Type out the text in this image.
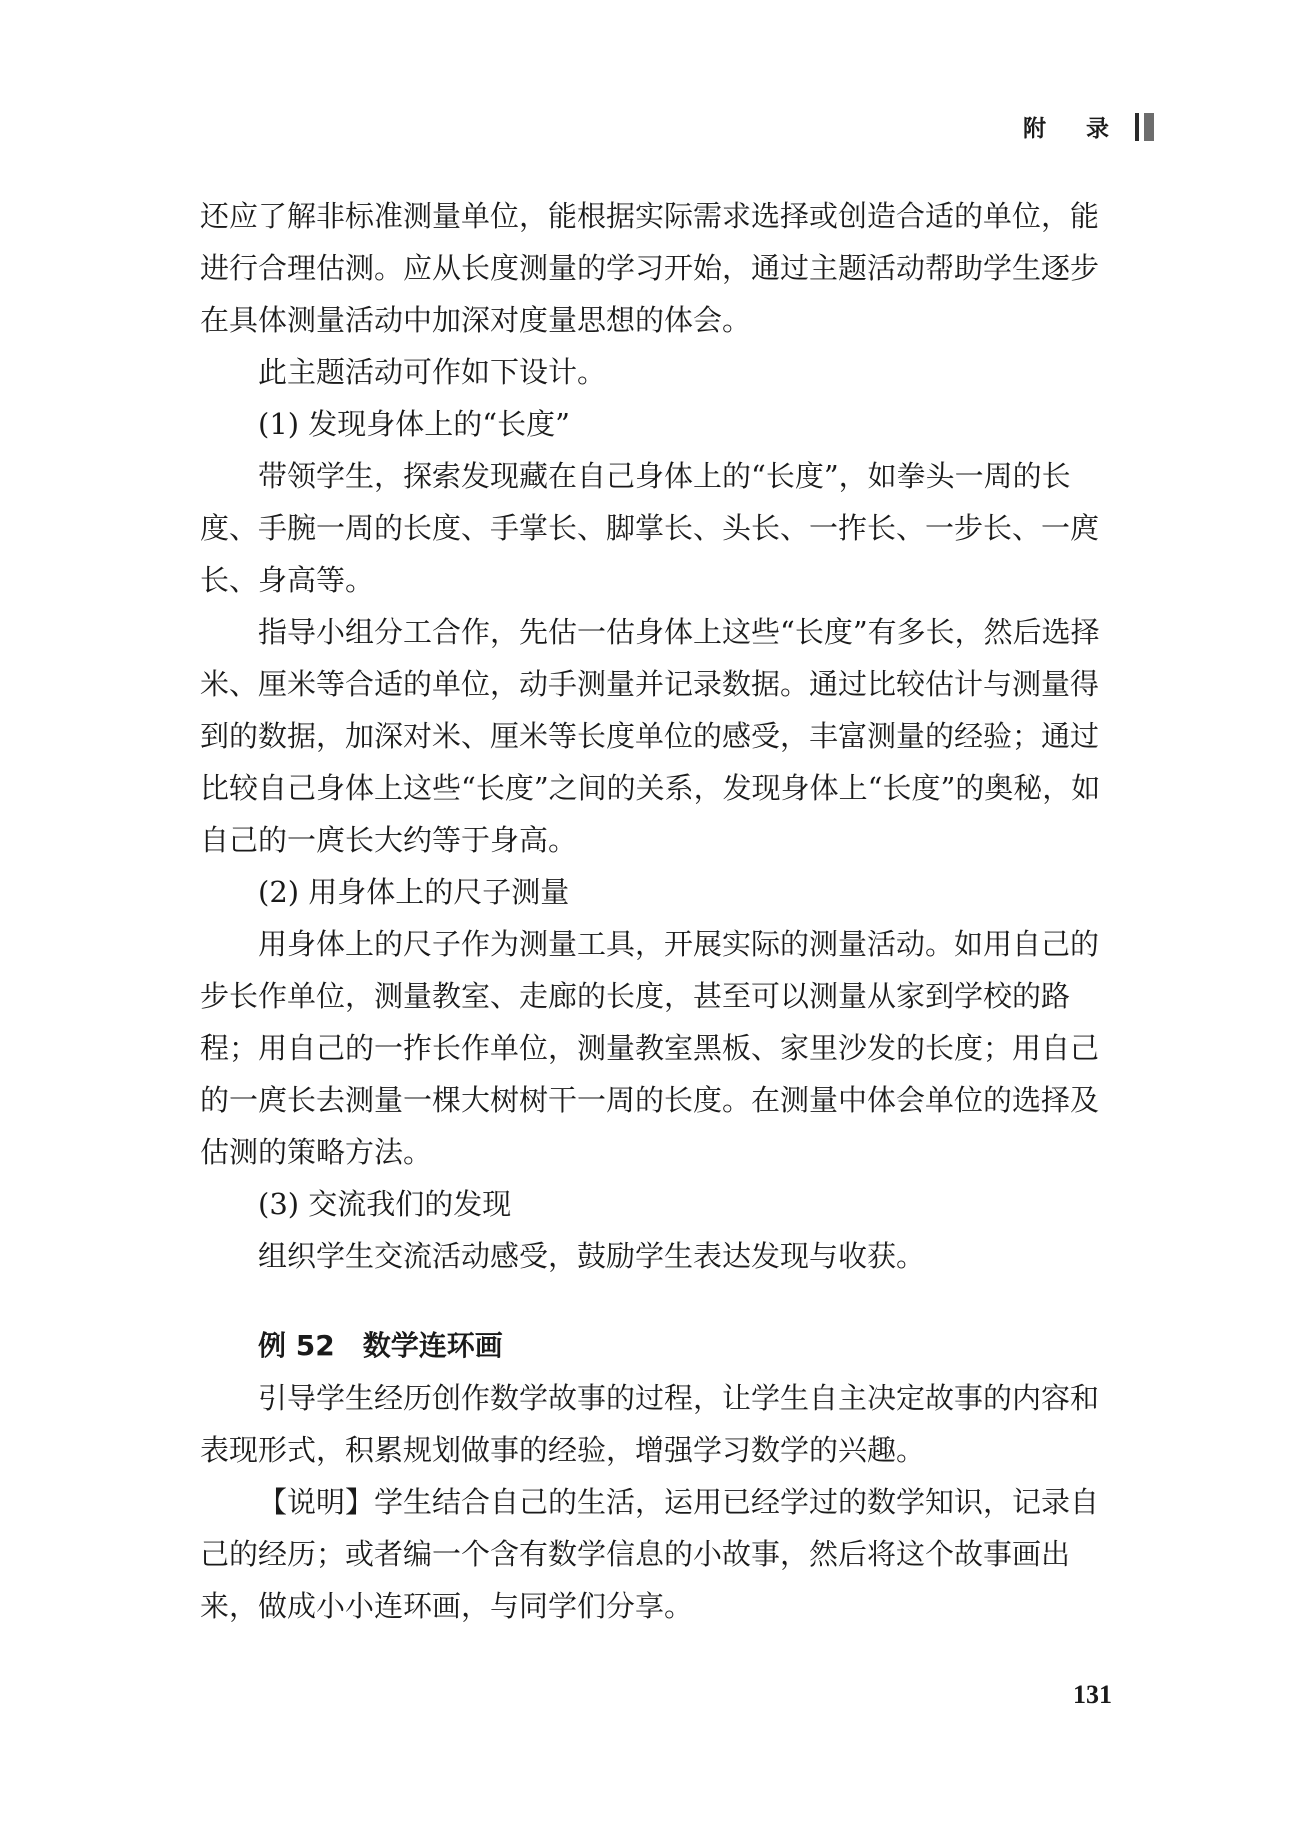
附 录

还应了解非标准测量单位，能根据实际需求选择或创造合适的单位，能进行合理估测。应从长度测量的学习开始，通过主题活动帮助学生逐步在具体测量活动中加深对度量思想的体会。

此主题活动可作如下设计。

(1) 发现身体上的“长度”

带领学生，探索发现藏在自己身体上的“长度”，如拳头一周的长度、手腕一周的长度、手掌长、脚掌长、头长、一拃长、一步长、一庹长、身高等。

指导小组分工合作，先估一估身体上这些“长度”有多长，然后选择米、厘米等合适的单位，动手测量并记录数据。通过比较估计与测量得到的数据，加深对米、厘米等长度单位的感受，丰富测量的经验；通过比较自己身体上这些“长度”之间的关系，发现身体上“长度”的奥秘，如自己的一庹长大约等于身高。

(2) 用身体上的尺子测量

用身体上的尺子作为测量工具，开展实际的测量活动。如用自己的步长作单位，测量教室、走廊的长度，甚至可以测量从家到学校的路程；用自己的一拃长作单位，测量教室黑板、家里沙发的长度；用自己的一庹长去测量一棵大树树干一周的长度。在测量中体会单位的选择及估测的策略方法。

(3) 交流我们的发现

组织学生交流活动感受，鼓励学生表达发现与收获。

例 52 数学连环画

引导学生经历创作数学故事的过程，让学生自主决定故事的内容和表现形式，积累规划做事的经验，增强学习数学的兴趣。

【说明】学生结合自己的生活，运用已经学过的数学知识，记录自己的经历；或者编一个含有数学信息的小故事，然后将这个故事画出来，做成小小连环画，与同学们分享。

131
